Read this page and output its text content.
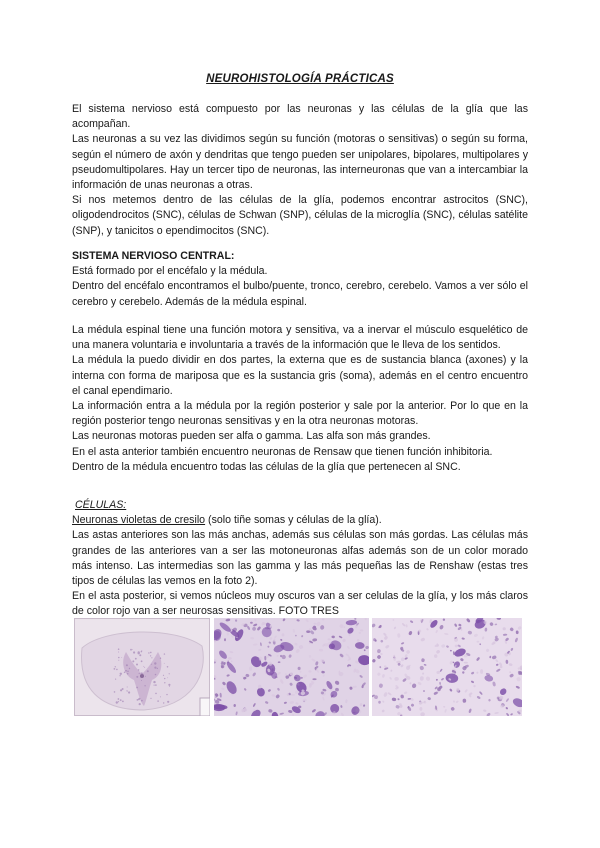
NEUROHISTOLOGÍA PRÁCTICAS

El sistema nervioso está compuesto por las neuronas y las células de la glía que las acompañan.

Las neuronas a su vez las dividimos según su función (motoras o sensitivas) o según su forma, según el número de axón y dendritas que tengo pueden ser unipolares, bipolares, multipolares y pseudomultipolares. Hay un tercer tipo de neuronas, las interneuronas que van a intercambiar la información de unas neuronas a otras.

Si nos metemos dentro de las células de la glía, podemos encontrar astrocitos (SNC), oligodendrocitos (SNC), células de Schwan (SNP), células de la microglía (SNC), células satélite (SNP), y tanicitos o ependimocitos (SNC).

SISTEMA NERVIOSO CENTRAL:

Está formado por el encéfalo y la médula.

Dentro del encéfalo encontramos el bulbo/puente, tronco, cerebro, cerebelo. Vamos a ver sólo el cerebro y cerebelo. Además de la médula espinal.

La médula espinal tiene una función motora y sensitiva, va a inervar el músculo esquelético de una manera voluntaria e involuntaria a través de la información que le lleva de los sentidos.

La médula la puedo dividir en dos partes, la externa que es de sustancia blanca (axones) y la interna con forma de mariposa que es la sustancia gris (soma), además en el centro encuentro el canal ependimario.

La información entra a la médula por la región posterior y sale por la anterior. Por lo que en la región posterior tengo neuronas sensitivas y en la otra neuronas motoras.

Las neuronas motoras pueden ser alfa o gamma. Las alfa son más grandes.

En el asta anterior también encuentro neuronas de Rensaw que tienen función inhibitoria.

Dentro de la médula encuentro todas las células de la glía que pertenecen al SNC.

CÉLULAS:

Neuronas violetas de cresilo (solo tiñe somas y células de la glía).

Las astas anteriores son las más anchas, además sus células son más gordas. Las células más grandes de las anteriores van a ser las motoneuronas alfas además son de un color morado más intenso. Las intermedias son las gamma y las más pequeñas las de Renshaw (estas tres tipos de células las vemos en la foto 2).

En el asta posterior, si vemos núcleos muy oscuros van a ser celulas de la glía, y los más claros de color rojo van a ser neurosas sensitivas. FOTO TRES
